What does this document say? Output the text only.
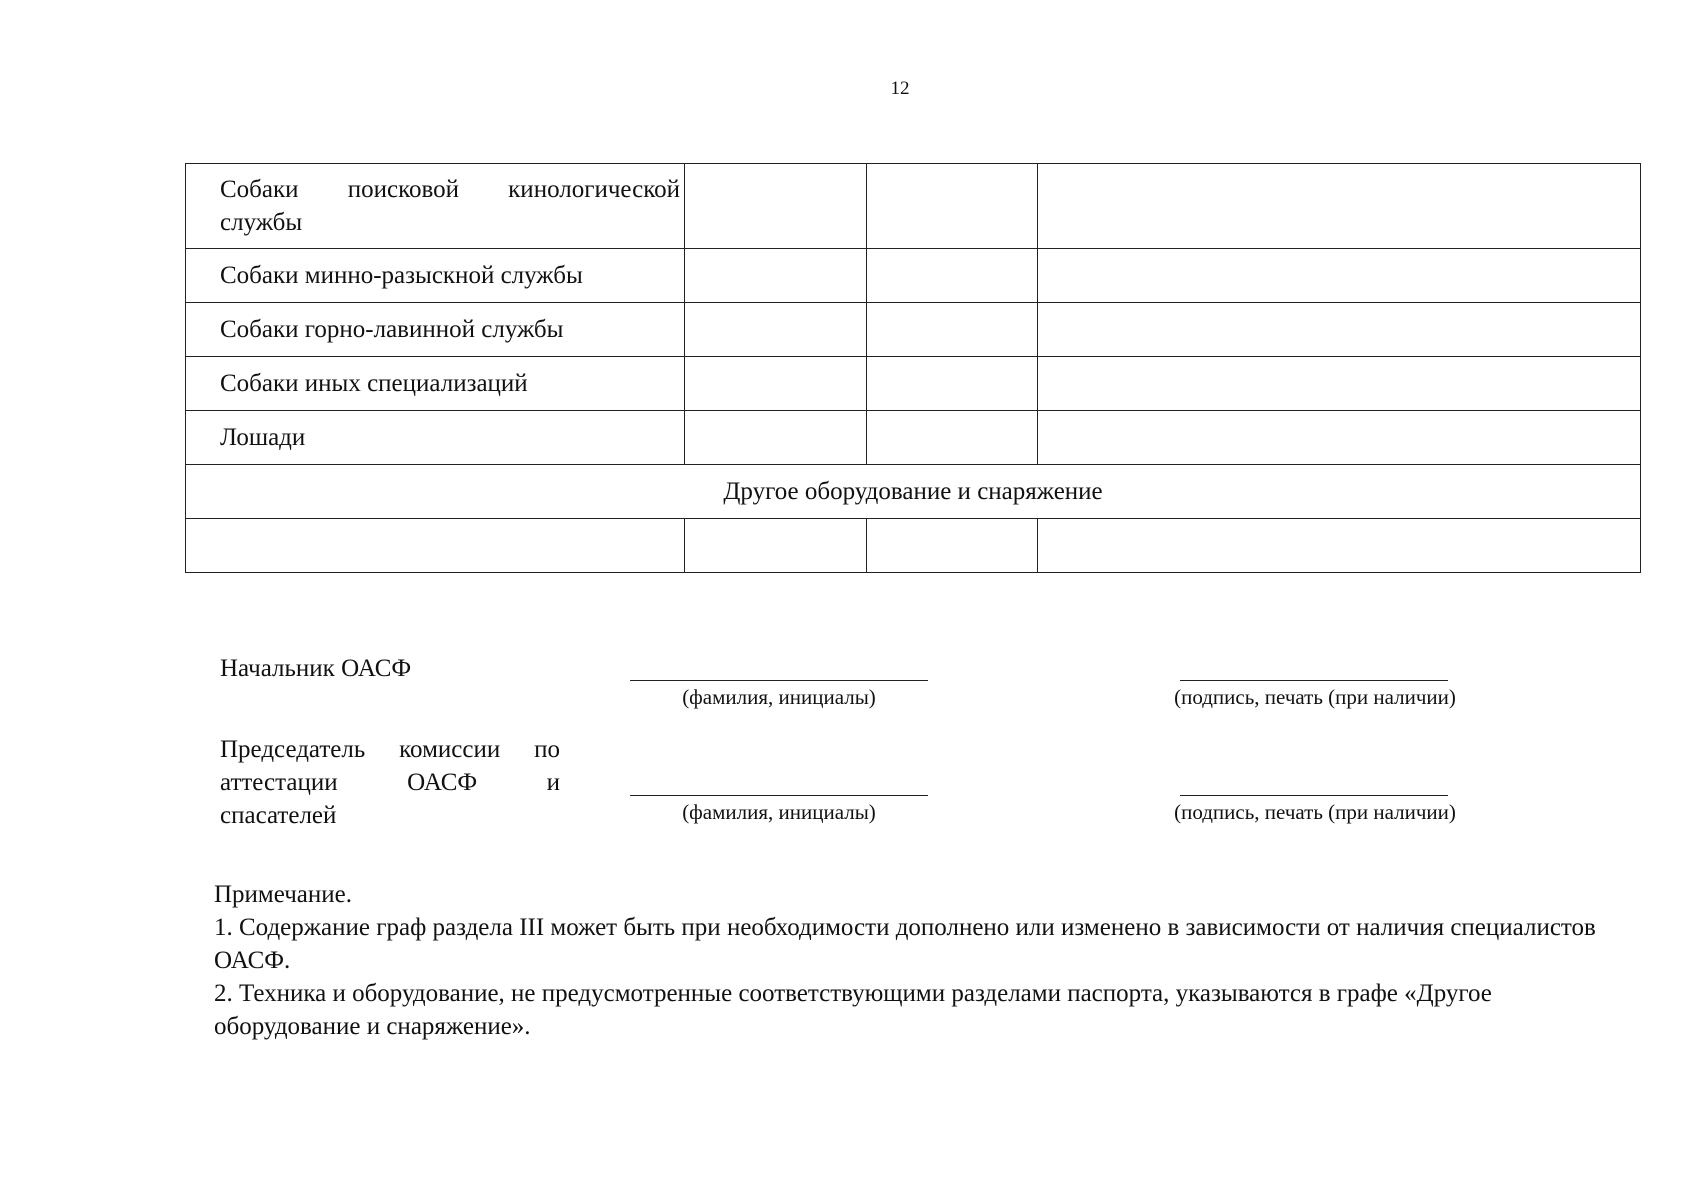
12
Собаки поисковой кинологической службы			

Собаки минно-разыскной службы			

Собаки горно-лавинной службы			

Собаки иных специализаций			

Лошади			

Другое оборудование и снаряжение			

Начальник ОАСФ
(фамилия, инициалы)	(подпись, печать (при наличии)
Председатель комиссии по
аттестации ОАСФ и
спасателей	(фамилия, инициалы)	(подпись, печать (при наличии)

Примечание.

1. Содержание граф раздела III может быть при необходимости дополнено или изменено в зависимости от наличия специалистов ОАСФ.

2. Техника и оборудование, не предусмотренные соответствующими разделами паспорта, указываются в графе «Другое оборудование и снаряжение».
